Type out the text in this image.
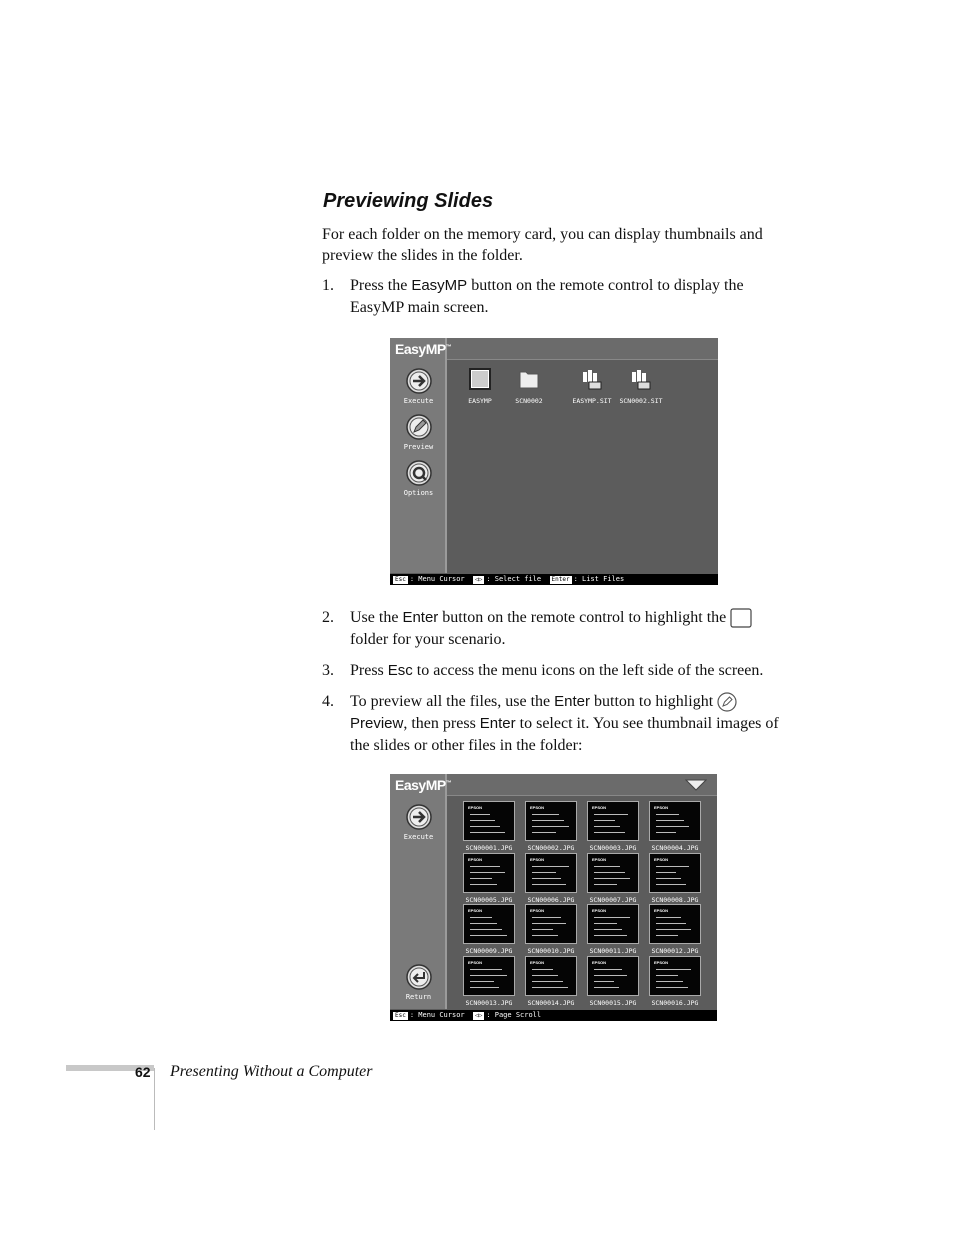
Previewing Slides
For each folder on the memory card, you can display thumbnails and preview the slides in the folder.
1. Press the EasyMP button on the remote control to display the EasyMP main screen.
EasyMP™
Execute
Preview
Options
EASYMP	SCN0002	EASYMP.SIT	SCN0002.SIT
Esc : Menu Cursor ◁▷ : Select file Enter : List Files
2. Use the Enter button on the remote control to highlight the  folder for your scenario.
3. Press Esc to access the menu icons on the left side of the screen.
4. To preview all the files, use the Enter button to highlight  Preview, then press Enter to select it. You see thumbnail images of the slides or other files in the folder:
EasyMP™
Execute
Return
EPSON
SCN00001.JPG
EPSON
SCN00002.JPG
EPSON
SCN00003.JPG
EPSON
SCN00004.JPG
EPSON
SCN00005.JPG
EPSON
SCN00006.JPG
EPSON
SCN00007.JPG
EPSON
SCN00008.JPG
EPSON
SCN00009.JPG
EPSON
SCN00010.JPG
EPSON
SCN00011.JPG
EPSON
SCN00012.JPG
EPSON
SCN00013.JPG
EPSON
SCN00014.JPG
EPSON
SCN00015.JPG
EPSON
SCN00016.JPG
Esc : Menu Cursor ◁▷ : Page Scroll
62 Presenting Without a Computer
